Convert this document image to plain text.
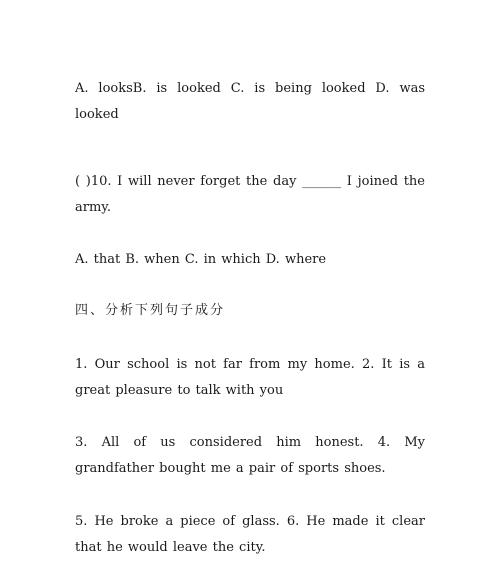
A. looksB. is looked C. is being looked D. was looked

( )10. I will never forget the day ______ I joined the army.

A. that B. when C. in which D. where

四、分析下列句子成分

1. Our school is not far from my home. 2. It is a great pleasure to talk with you

3. All of us considered him honest. 4. My grandfather bought me a pair of sports shoes.

5. He broke a piece of glass. 6. He made it clear that he would leave the city.
